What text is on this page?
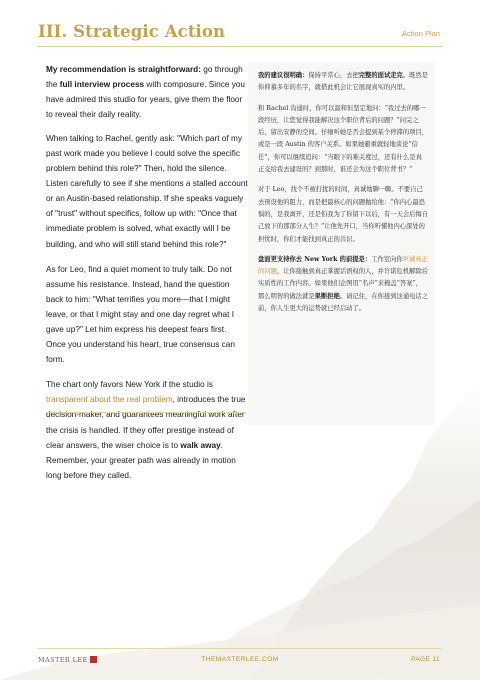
III. Strategic Action	Action Plan

My recommendation is straightforward: go through the full interview process with composure. Since you have admired this studio for years, give them the floor to reveal their daily reality.

When talking to Rachel, gently ask: "Which part of my past work made you believe I could solve the specific problem behind this role?" Then, hold the silence. Listen carefully to see if she mentions a stalled account or an Austin-based relationship. If she speaks vaguely of "trust" without specifics, follow up with: "Once that immediate problem is solved, what exactly will I be building, and who will still stand behind this role?"

As for Leo, find a quiet moment to truly talk. Do not assume his resistance. Instead, hand the question back to him: "What terrifies you more—that I might leave, or that I might stay and one day regret what I gave up?" Let him express his deepest fears first. Once you understand his heart, true consensus can form.

The chart only favors New York if the studio is transparent about the real problem, introduces the true decision-maker, and guarantees meaningful work after the crisis is handled. If they offer prestige instead of clear answers, the wiser choice is to walk away. Remember, your greater path was already in motion long before they called.

我的建议很明确：保持平常心，去把完整的面试走完。既然是你仰慕多年的名字，就借此机会让它展现真实的内里。

和 Rachel 沟通时，你可以温和但坚定地问：“我过去的哪一段经历，让您觉得我能解决这个职位背后的问题？”问完之后，留出安静的空间。仔细听她是否会提到某个停滞的项目，或是一段 Austin 的客户关系。如果她避重就轻地谈论“信任”，你可以继续追问：“当眼下的难关度过，还有什么是真正交给我去建设的？到那时，谁还会为这个职位背书？”

对于 Leo，找个不被打扰的时间，真诚地聊一聊。不要自己去预设他的阻力，而是把最核心的问题抛给他：“你内心最恐惧的，是我离开，还是怕我为了你留下以后，有一天会后悔自己放下的那部分人生？”让他先开口，当你听懂他内心深处的担忧时，你们才能找到真正的共识。

盘面更支持你去 New York 的前提是：工作室向你坦诚真正的问题，让你接触到真正掌握话语权的人，并许诺危机解除后实质性的工作内容。如果他们企图用“名声”来掩盖“答案”，那么明智的做法就是果断拒绝。请记住，在你接到这通电话之前，你人生更大的运势就已经启动了。

MASTER LEE	THEMASTERLEE.COM	PAGE 11
